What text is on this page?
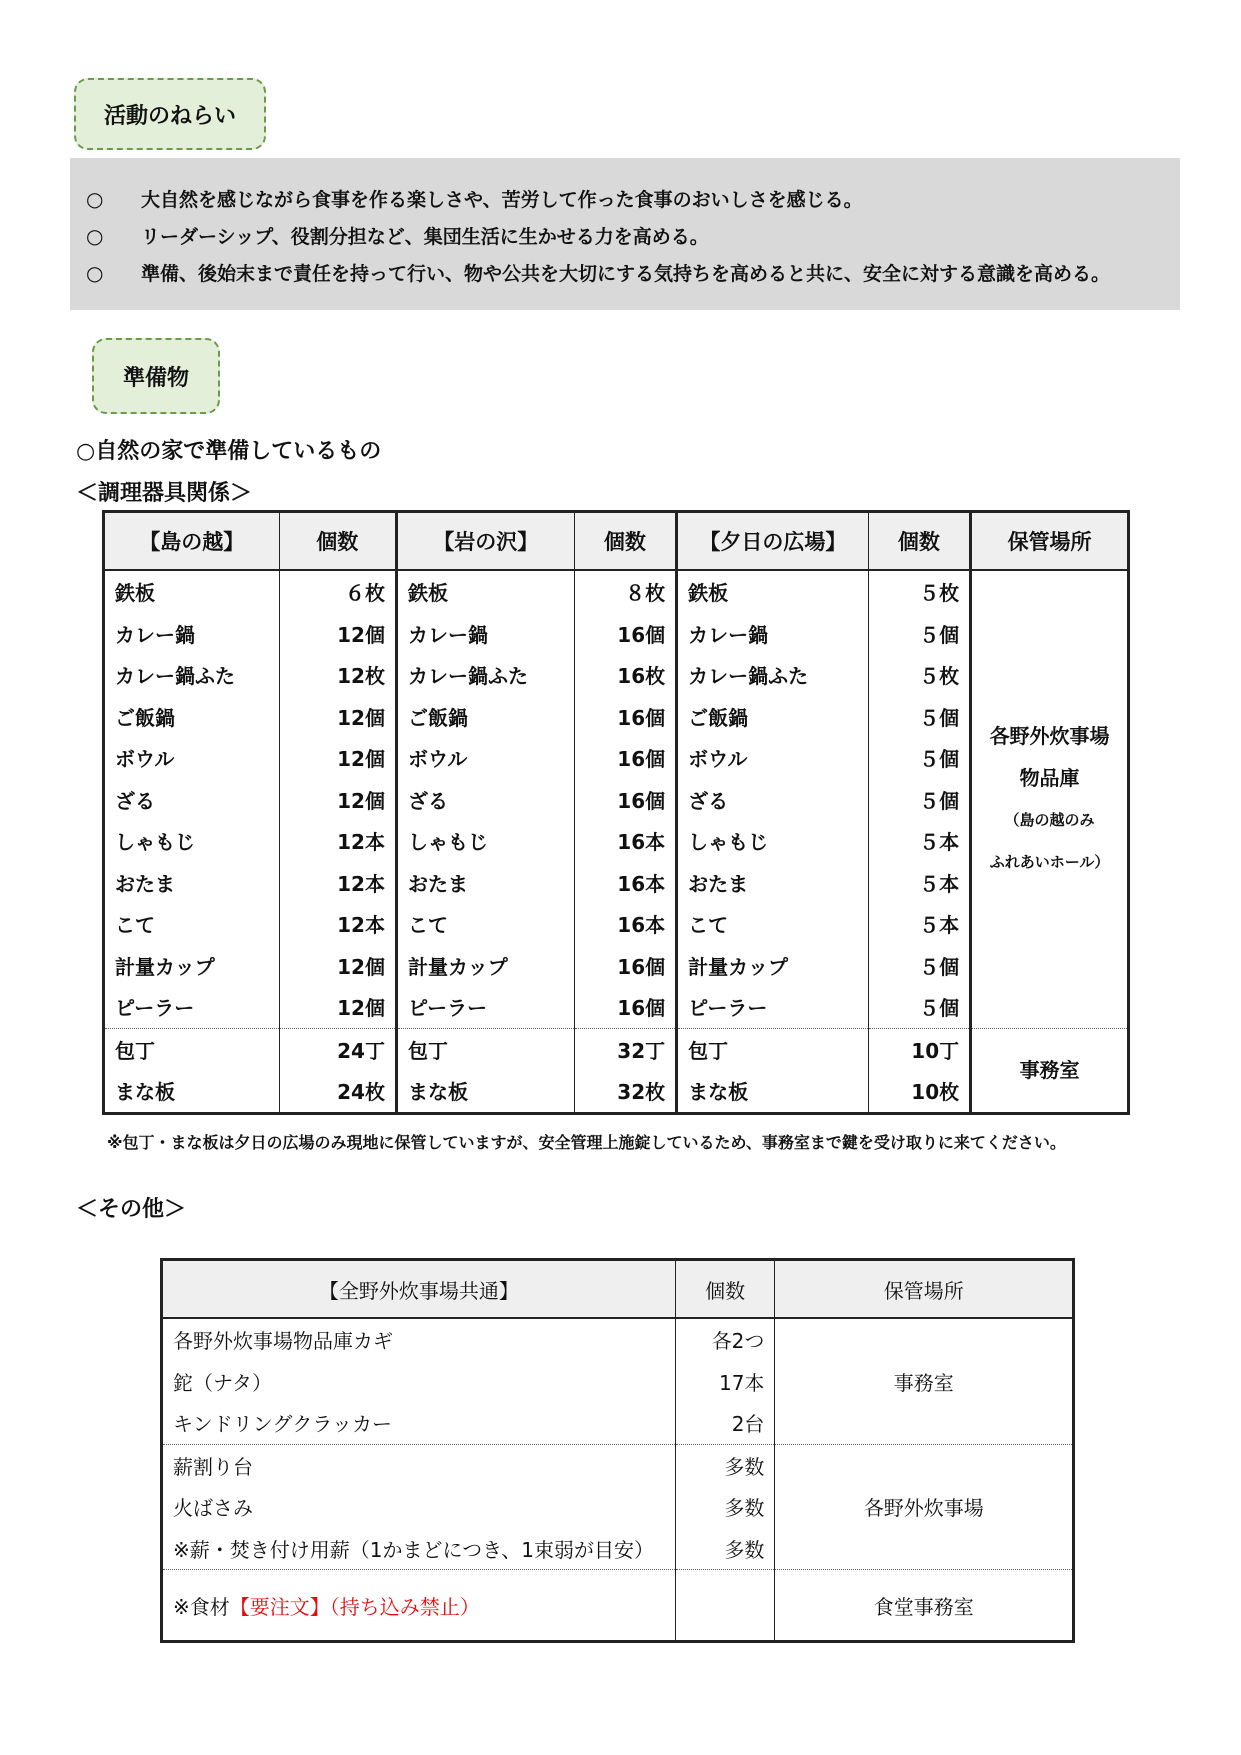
活動のねらい
○	大自然を感じながら食事を作る楽しさや、苦労して作った食事のおいしさを感じる。
○	リーダーシップ、役割分担など、集団生活に生かせる力を高める。
○	準備、後始末まで責任を持って行い、物や公共を大切にする気持ちを高めると共に、安全に対する意識を高める。
準備物
○自然の家で準備しているもの
＜調理器具関係＞
【島の越】	個数	【岩の沢】	個数	【夕日の広場】	個数	保管場所
鉄板	６枚	鉄板	８枚	鉄板	５枚	各野外炊事場
物品庫
（島の越のみ
ふれあいホール）

カレー鍋	12個	カレー鍋	16個	カレー鍋	５個	
カレー鍋ふた	12枚	カレー鍋ふた	16枚	カレー鍋ふた	５枚	
ご飯鍋	12個	ご飯鍋	16個	ご飯鍋	５個	
ボウル	12個	ボウル	16個	ボウル	５個	
ざる	12個	ざる	16個	ざる	５個	
しゃもじ	12本	しゃもじ	16本	しゃもじ	５本	
おたま	12本	おたま	16本	おたま	５本	
こて	12本	こて	16本	こて	５本	
計量カップ	12個	計量カップ	16個	計量カップ	５個	
ピーラー	12個	ピーラー	16個	ピーラー	５個	
包丁	24丁	包丁	32丁	包丁	10丁	事務室
まな板	24枚	まな板	32枚	まな板	10枚	
※包丁・まな板は夕日の広場のみ現地に保管していますが、安全管理上施錠しているため、事務室まで鍵を受け取りに来てください。
＜その他＞
【全野外炊事場共通】	個数	保管場所
各野外炊事場物品庫カギ	各2つ	事務室
鉈（ナタ）	17本	
キンドリングクラッカー	2台	
薪割り台	多数	各野外炊事場
火ばさみ	多数	
※薪・焚き付け用薪（1かまどにつき、1束弱が目安）	多数	
※食材【要注文】（持ち込み禁止）		食堂事務室
